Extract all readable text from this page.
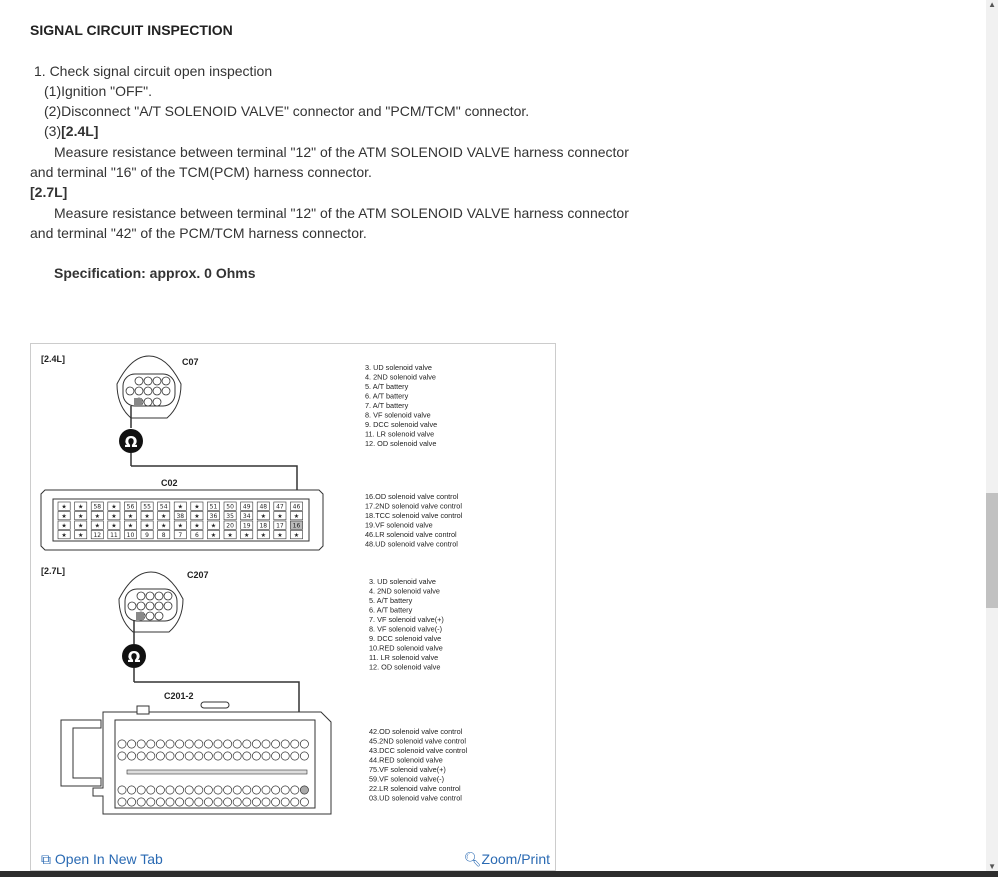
SIGNAL CIRCUIT INSPECTION
1. Check signal circuit open inspection
(1)Ignition "OFF".
(2)Disconnect "A/T SOLENOID VALVE" connector and "PCM/TCM" connector.
(3)[2.4L]
Measure resistance between terminal "12" of the ATM SOLENOID VALVE harness connector
and terminal "16" of the TCM(PCM) harness connector.
[2.7L]
Measure resistance between terminal "12" of the ATM SOLENOID VALVE harness connector
and terminal "42" of the PCM/TCM harness connector.
Specification: approx. 0 Ohms
[2.4L]	C07
Ω
3. UD solenoid valve
4. 2ND solenoid valve
5. A/T battery
6. A/T battery
7. A/T battery
8. VF solenoid valve
9. DCC solenoid valve
11. LR solenoid valve
12. OD solenoid valve
C02
★ ★ 58 ★ 56 55 54 ★ ★ 51 50 49 48 47 46
★ ★ ★ ★ ★ ★ ★ 38 ★ 36 35 34 ★ ★ ★
★ ★ ★ ★ ★ ★ ★ ★ ★ ★ 20 19 18 17 16
★ ★ 12 11 10 9 8 7 6 ★ ★ ★ ★ ★ ★
16.OD solenoid valve control
17.2ND solenoid valve control
18.TCC solenoid valve control
19.VF solenoid valve
46.LR solenoid valve control
48.UD solenoid valve control
[2.7L]	C207
Ω
3. UD solenoid valve
4. 2ND solenoid valve
5. A/T battery
6. A/T battery
7. VF solenoid valve(+)
8. VF solenoid valve(-)
9. DCC solenoid valve
10.RED solenoid valve
11. LR solenoid valve
12. OD solenoid valve
C201-2
42.OD solenoid valve control
45.2ND solenoid valve control
43.DCC solenoid valve control
44.RED solenoid valve
75.VF solenoid valve(+)
59.VF solenoid valve(-)
22.LR solenoid valve control
03.UD solenoid valve control
⧉ Open In New Tab	🔍︎Zoom/Print
▲
▼
